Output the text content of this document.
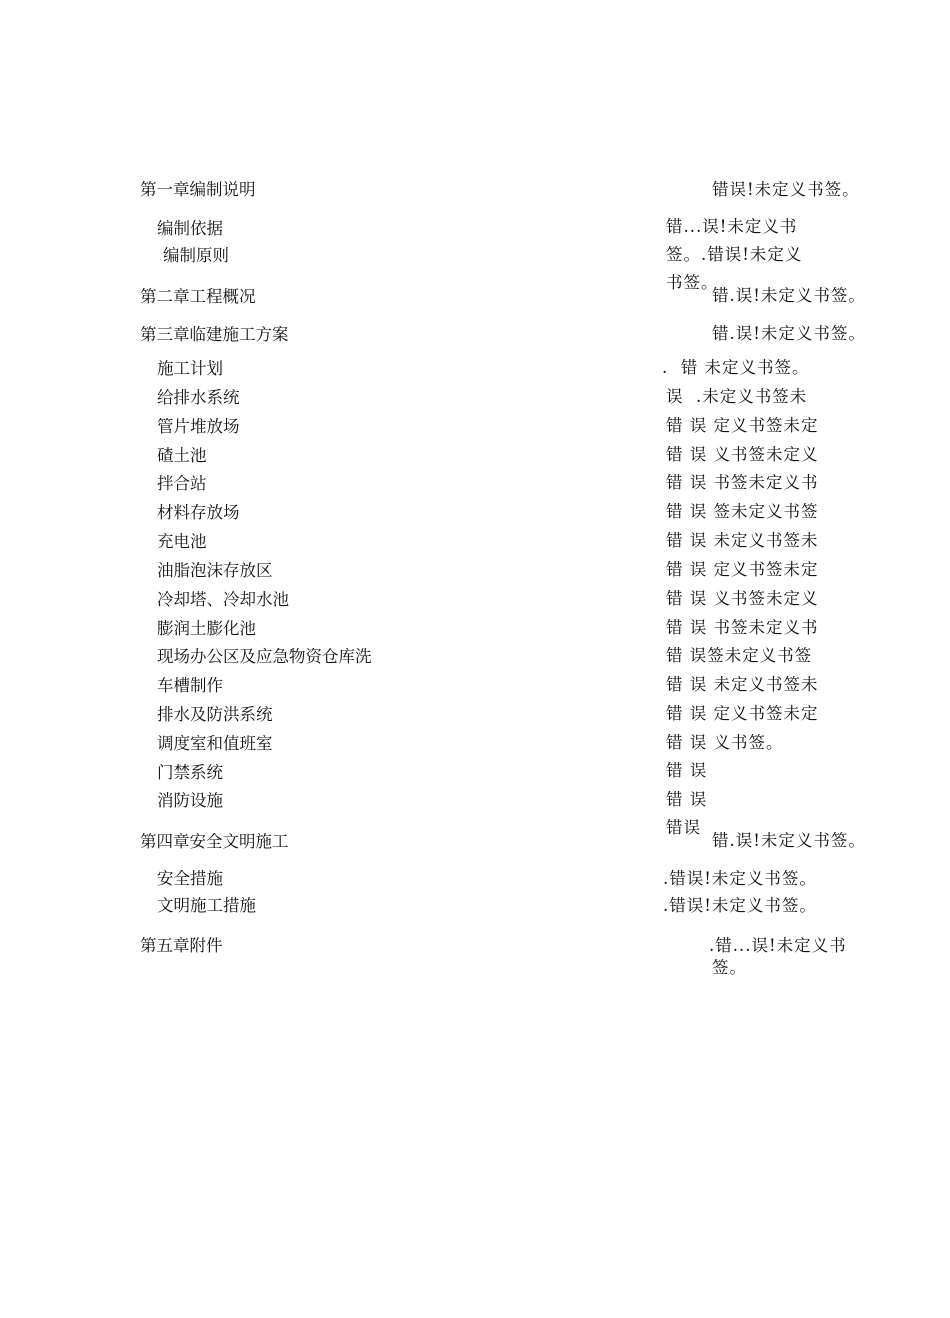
第一章编制说明
编制依据
编制原则
第二章工程概况
第三章临建施工方案
施工计划
给排水系统
管片堆放场
碴土池
拌合站
材料存放场
充电池
油脂泡沫存放区
冷却塔、冷却水池
膨润土膨化池
现场办公区及应急物资仓库洗
车槽制作
排水及防洪系统
调度室和值班室
门禁系统
消防设施
第四章安全文明施工
安全措施
文明施工措施
第五章附件
错误!未定义书签。
错...误!未定义书
签。.错误!未定义
书签。
错.误!未定义书签。
错.误!未定义书签。
.  错 未定义书签。
误  .未定义书签未
错 误 定义书签未定
错 误 义书签未定义
错 误 书签未定义书
错 误 签未定义书签
错 误 未定义书签未
错 误 定义书签未定
错 误 义书签未定义
错 误 书签未定义书
错 误签未定义书签
错 误 未定义书签未
错 误 定义书签未定
错 误 义书签。
错 误
错 误
错误
错.误!未定义书签。
.错误!未定义书签。
.错误!未定义书签。
.错...误!未定义书
签。
